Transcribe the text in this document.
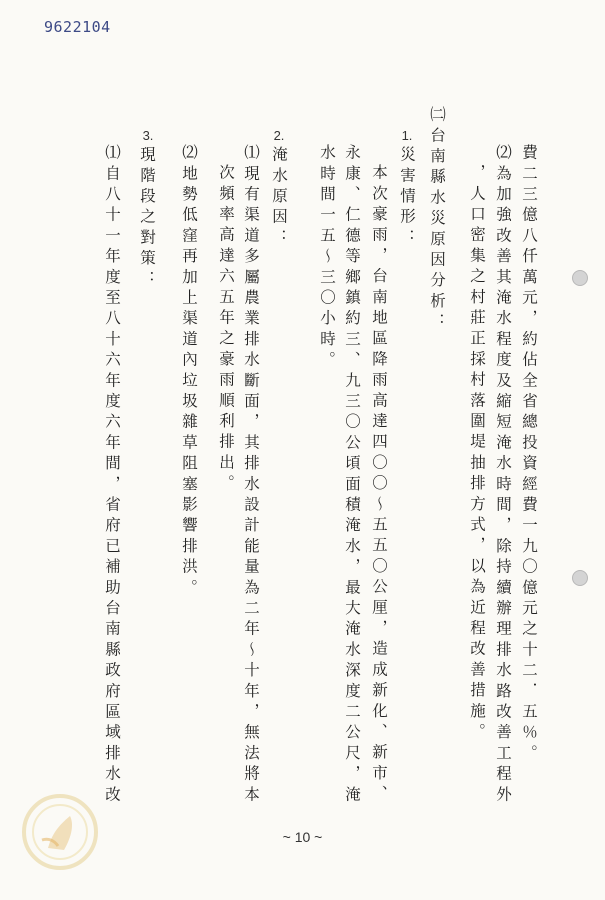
9622104
費二三億八仟萬元，約佔全省總投資經費一九〇億元之十二．五％。
⑵為加強改善其淹水程度及縮短淹水時間，除持續辦理排水路改善工程外
，人口密集之村莊正採村落圍堤抽排方式，以為近程改善措施。
㈡台南縣水災原因分析：
1.
災害情形：
本次豪雨，台南地區降雨高達四〇〇～五五〇公厘，造成新化、新市、
永康、仁德等鄉鎮約三、九三〇公頃面積淹水，最大淹水深度二公尺，淹
水時間一五～三〇小時。
2.
淹水原因：
⑴現有渠道多屬農業排水斷面，其排水設計能量為二年～十年，無法將本
次頻率高達六五年之豪雨順利排出。
⑵地勢低窪再加上渠道內垃圾雜草阻塞影響排洪。
3.
現階段之對策：
⑴自八十一年度至八十六年度六年間，省府已補助台南縣政府區域排水改
~ 10 ~
